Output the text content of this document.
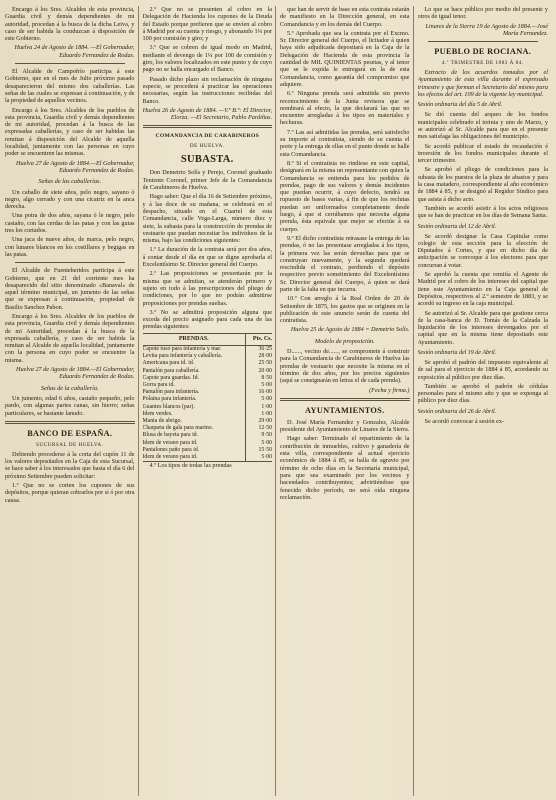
Encargo á los Sres. Alcaldes de esta provincia, Guardia civil y demás dependientes de mi autoridad, procedan á la busca de la dicha Leiva, y caso de ser habida la conduzcan á disposición de este Gobierno.

Huelva 24 de Agosto de 1884. —El Gobernador, Eduardo Fernandez de Rodas.

El Alcalde de Campofrío participa á este Gobierno, que en el mes de Julio próximo pasado desaparecieron del mismo dos caballerías. Las señas de las cuales se expresan á continuación, y de la propiedad de aquellos vecinos.

Encargo á los Sres. Alcaldes de los pueblos de esta provincia, Guardia civil y demás dependientes de mi autoridad, procedan á la busca de las expresadas caballerías, y caso de ser habidas las remitan á disposición del Alcalde de aquella localidad, juntamente con las personas en cuyo poder se encuentren las mismas.

Huelva 27 de Agosto de 1884.—El Gobernador, Eduardo Fernandez de Rodas.

Señas de las caballerías.

Un caballo de siete años, pelo negro, sayano ó negro, algo cerrado y con una cicatriz en la anca derecha.

Una potra de dos años, sayana ó le negro, pelo castaño, con las cerdas de las patas y con las guias tres los cortados.

Una jaca de nueve años, de marca, pelo negro, con lunares blancos en los costillares y begigas en las patas.

El Alcalde de Fuenteheridos participa á este Gobierno, que en 21 del corriente mes ha desaparecido del sitio denominado «Banaval» de aquel término municipal, un jumento de las señas que se expresan á continuación, propiedad de Basilio Sanchez Pabon.

Encargo á los Sres. Alcaldes de los pueblos de esta provincia, Guardia civil y demás dependientes de mi Autoridad, procedan á la busca de la expresada caballería, y caso de ser habida la remitan al Alcalde de aquella localidad, juntamente con la persona en cuyo poder se encuentre la misma.

Huelva 27 de Agosto de 1884.—El Gobernador, Eduardo Fernandez de Rodas.

Señas de la caballería.

Un jumento, edad 6 años, castaño pequeño, pelo pardo, con algunas partes canas, sin hierro; señas particulares, se bastante lanudo.

BANCO DE ESPAÑA.
SUCURSAL DE HUELVA.

Debiendo procederse á la corta del cupón 11 de los valores depositados en la Caja de esta Sucursal, se hace saber á los interesados que hasta el día 6 del próximo Setiembre pueden solicitar:

1.º Que no se corten los cupones de sus depósitos, porque quieran cobrarlos por sí ó por otra causa.

2.º Que no se presenten al cobro en la Delegación de Hacienda los cupones de la Deuda del Estado porque prefieren que se envíen al cobro á Madrid por su cuenta y riesgo, y abonando 1¼ por 100 por comisión y giro; y

3.º Que se cobren de igual modo en Madrid, mediante el devengo de 1¼ por 100 de comisión y giro, los valores localizados en este punto y de cuyo pago no se halla encargado el Banco.

Pasado dicho plazo sin reclamación de ninguna especie, se procederá á practicar las operaciones necesarias, según las instrucciones recibidas del Banco.

Huelva 26 de Agosto de 1884. —V.º B.º: El Director, Elorza. —El Secretario, Pablo Pardiñas.

COMANDANCIA DE CARABINEROS
DE HUELVA.
SUBASTA.

Don Demetrio Solís y Perejo, Coronel graduado Teniente Coronel, primer Jefe de la Comandancia de Carabineros de Huelva.

Hago saber: Que el día 16 de Setiembre próximo, y á las doce de su mañana, se celebrará en el despacho, situado en el Cuartel de esta Comandancia, calle Vega-Larga, número diez y siete, la subasta para la construcción de prendas de vestuario que puedan necesitar los individuos de la misma, bajo las condiciones siguientes:

1.º La duración de la contrata será por dos años, á contar desde el día en que se digne aprobarla el Excelentísimo Sr. Director general del Cuerpo.

2.º Las proposiciones se presentarán por la misma que se admitan, se atenderán primero y sujeto en todo á las prescripciones del pliego de condiciones, por lo que no podrán admitirse proposiciones por prendas sueltas.

3.º No se admitirá proposición alguna que exceda del precio asignado para cada una de las prendas siguientes:

PRENDAS.	Pts. Cs.
Capote ruso para infantería y mar.	36·25
Levita para infantería y caballería.	28·00
Americana para id. id.	25·50
Pantalón para caballería.	20·00
Capote para guardas. Id.	8·50
Gorra para id.	5·00
Pantalón para infantería.	16·00
Polaina para infantería.	5·00
Guantes blancos (par).	1·00
Idem verdes.	1·00
Manta de abrigo.	29·00
Chaqueta de gala para marino.	12·50
Blusa de bayeta para id.	9·50
Idem de verano para id.	5·00
Pantalones paño para id.	15·50
Idem de verano para id.	5·00

4.º Los tipos de todas las prendas

que han de servir de base en esta contrata estarán de manifiesto en la Dirección general, en esta Comandancia y en los demás del Cuerpo.

5.º Aprobada que sea la contrata por el Excmo. Sr. Director general del Cuerpo, el licitador á quien haya sido adjudicada depositará en la Caja de la Delegación de Hacienda de esta provincia la cantidad de MIL QUINIENTAS pesetas, y al tenor que se le expida le entregará en la de esta Comandancia, como garantía del compromiso que adquiere.

6.º Ninguna prenda será admitida sin previo reconocimiento de la Junta revisora que se nombrará al efecto, la que declarará las que no encuentre arregladas á los tipos en materiales y hechuras.

7.º Las así admitidas las prendas, será satisfecho su importe al contratista, siendo de su cuenta el porte y la entrega de ellas en el punto donde se halle esta Comandancia.

8.º Si el contratista no rindiese en este capital, designará en la misma un representante con quien la Comandancia se entienda para los pedidos de prendas, pago de sus valores y demás incidentes que puedan ocurrir, á cuyo defecto, tendrá su rupuesto de bases varias, á fin de que los reclutas puedan ser uniformados completamente desde luego, á que si cerrábamos que necesita alguna prenda, ésta equivale que mejor se efectúe á su cuerpo.

9.º El dicho contratista retrasase la entrega de las prendas, ó no las presentase arregladas á los tipos, la primera vez las serán devueltas para que se construyan nuevamente, y la segunda quedará rescindida el contrato, perdiendo el depósito respectivo previo sometimiento del Excelentísimo Sr. Director general del Cuerpo, á quien se dará parte de la falta en que incurra.

10.º Con arreglo á la Real Orden de 20 de Setiembre de 1875, los gastos que se originen en la publicación de este anuncio serán de cuenta del contratista.

Huelva 25 de Agosto de 1884 = Demetrio Solís.

Modelo de proposición.

D......, vecino de......, se compromete á construir para la Comandancia de Carabineros de Huelva las prendas de vestuario que necesite la misma en el término de dos años, por los precios siguientes (aquí se consignarán en letras el de cada prenda).

(Fecha y firma.)

AYUNTAMIENTOS.

D. José María Fernandez y Gonzalez, Alcalde presidente del Ayuntamiento de Linares de la Sierra.

Hago saber: Terminado el repartimiento de la contribución de inmuebles, cultivo y ganadería de esta villa, correspondiente al actual ejercicio económico de 1884 á 85, se halla de agravio por término de ocho días en la Secretaría municipal, para que sea examinado por los vecinos y hacendados contribuyentes; advirtiéndose que fenecido dicho período, no será oída ninguna reclamación.

Lo que se hace público por medio del presente y otros de igual tenor.

Linares de la Sierra 19 de Agosto de 1884.—José María Fernandez.

PUEBLO DE ROCIANA.
4.º TRIMESTRE DE 1883 Á 84.

Extracto de los acuerdos tomados por el Ayuntamiento de esta villa durante el expresado trimestre y que forman el Secretario del mismo para los efectos del art. 109 de la vigente ley municipal.

Sesión ordinaria del día 5 de Abril.

Se dió cuenta del arqueo de los fondos municipales celebrado el treinta y uno de Marzo, y se autorizó al Sr. Alcalde para que en el presente mes satisfaga las obligaciones del municipio.

Se acordó publicar el estado de recaudación é inversión de los fondos municipales durante el tercer trimestre.

Se aprobó el pliego de condiciones para la subasta de los puestos de la plaza de abastos y para la casa matadero, correspondiente al año económico de 1884 á 85, y se designó al Regidor Síndico para que asista á dicho acto.

También se acordó asistir á los actos religiosos que se han de practicar en los días de Semana Santa.

Sesión ordinaria del 12 de Abril.

Se acordó designar la Casa Capitular como colegio de esta sección para la elección de Diputados á Cortes, y que en dicho día de anticipación se convoque á los electores para que concurran á votar.

Se aprobó la cuenta que remitía el Agente de Madrid por el cobro de los intereses del capital que tiene este Ayuntamiento en la Caja general de Depósitos, respectivos al 2.º semestre de 1883, y se acordó su ingreso en la caja municipal.

Se autorizó al Sr. Alcalde para que gestione cerca de la casa-banca de D. Tomás de la Calzada la liquidación de los intereses devengados por el capital que en la misma tiene depositado este Ayuntamiento.

Sesión ordinaria del 19 de Abril.

Se aprobó el padrón del impuesto equivalente al de sal para el ejercicio de 1884 á 85, acordando su exposición al público por diez días.

También se aprobó el padrón de cédulas personales para el mismo año y que se exponga al público por diez días.

Sesión ordinaria del 26 de Abril.

Se acordó convocar á sesión ex-
